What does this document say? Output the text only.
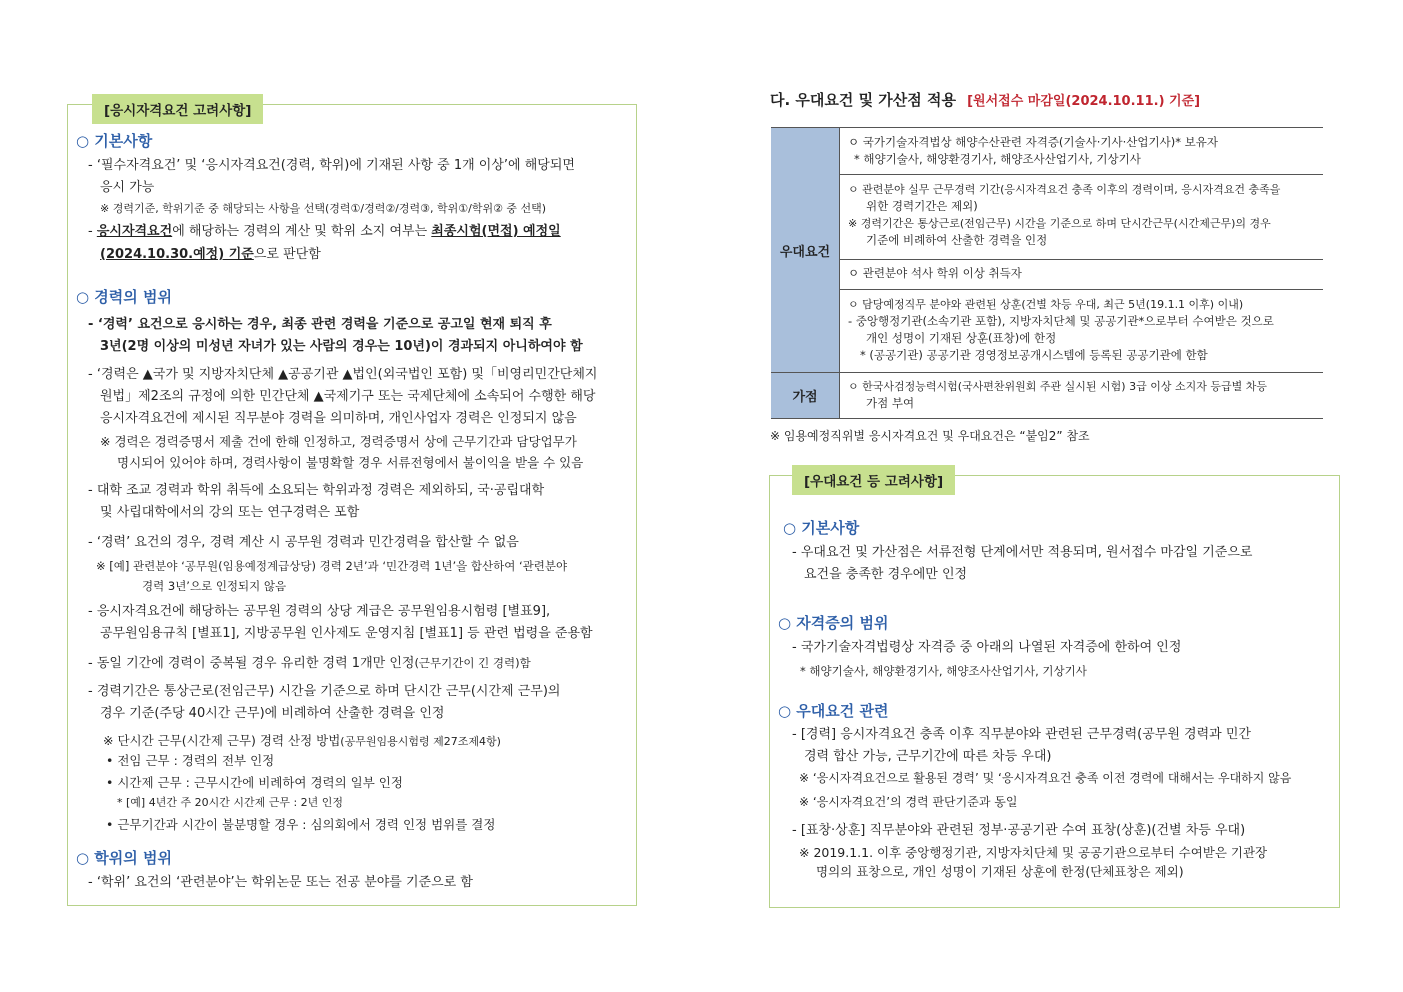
[응시자격요건 고려사항]
○ 기본사항
- ‘필수자격요건’ 및 ‘응시자격요건(경력, 학위)에 기재된 사항 중 1개 이상’에 해당되면
응시 가능
※ 경력기준, 학위기준 중 해당되는 사항을 선택(경력①/경력②/경력③, 학위①/학위② 중 선택)
- 응시자격요건에 해당하는 경력의 계산 및 학위 소지 여부는 최종시험(면접) 예정일
(2024.10.30.예정) 기준으로 판단함
○ 경력의 범위
- ‘경력’ 요건으로 응시하는 경우, 최종 관련 경력을 기준으로 공고일 현재 퇴직 후
3년(2명 이상의 미성년 자녀가 있는 사람의 경우는 10년)이 경과되지 아니하여야 함
- ‘경력은 ▲국가 및 지방자치단체 ▲공공기관 ▲법인(외국법인 포함) 및「비영리민간단체지
원법」제2조의 규정에 의한 민간단체 ▲국제기구 또는 국제단체에 소속되어 수행한 해당
응시자격요건에 제시된 직무분야 경력을 의미하며, 개인사업자 경력은 인정되지 않음
※ 경력은 경력증명서 제출 건에 한해 인정하고, 경력증명서 상에 근무기간과 담당업무가
명시되어 있어야 하며, 경력사항이 불명확할 경우 서류전형에서 불이익을 받을 수 있음
- 대학 조교 경력과 학위 취득에 소요되는 학위과정 경력은 제외하되, 국·공립대학
및 사립대학에서의 강의 또는 연구경력은 포함
- ‘경력’ 요건의 경우, 경력 계산 시 공무원 경력과 민간경력을 합산할 수 없음
※ [예] 관련분야 ‘공무원(임용예정계급상당) 경력 2년’과 ‘민간경력 1년’을 합산하여 ‘관련분야
경력 3년’으로 인정되지 않음
- 응시자격요건에 해당하는 공무원 경력의 상당 계급은 공무원임용시험령 [별표9],
공무원임용규칙 [별표1], 지방공무원 인사제도 운영지침 [별표1] 등 관련 법령을 준용함
- 동일 기간에 경력이 중복될 경우 유리한 경력 1개만 인정(근무기간이 긴 경력)함
- 경력기간은 통상근로(전임근무) 시간을 기준으로 하며 단시간 근무(시간제 근무)의
경우 기준(주당 40시간 근무)에 비례하여 산출한 경력을 인정
※ 단시간 근무(시간제 근무) 경력 산정 방법(공무원임용시험령 제27조제4항)
• 전임 근무 : 경력의 전부 인정
• 시간제 근무 : 근무시간에 비례하여 경력의 일부 인정
* [예] 4년간 주 20시간 시간제 근무 : 2년 인정
• 근무기간과 시간이 불분명할 경우 : 심의회에서 경력 인정 범위를 결정
○ 학위의 범위
- ‘학위’ 요건의 ‘관련분야’는 학위논문 또는 전공 분야를 기준으로 함
다. 우대요건 및 가산점 적용 [원서접수 마감일(2024.10.11.) 기준]
우대요건	ㅇ 국가기술자격법상 해양수산관련 자격증(기술사·기사·산업기사)* 보유자
* 해양기술사, 해양환경기사, 해양조사산업기사, 기상기사

	ㅇ 관련분야 실무 근무경력 기간(응시자격요건 충족 이후의 경력이며, 응시자격요건 충족을
위한 경력기간은 제외)
※ 경력기간은 통상근로(전임근무) 시간을 기준으로 하며 단시간근무(시간제근무)의 경우
기준에 비례하여 산출한 경력을 인정

	ㅇ 관련분야 석사 학위 이상 취득자

	ㅇ 담당예정직무 분야와 관련된 상훈(건별 차등 우대, 최근 5년(19.1.1 이후) 이내)
- 중앙행정기관(소속기관 포함), 지방자치단체 및 공공기관*으로부터 수여받은 것으로
개인 성명이 기재된 상훈(표창)에 한정
* (공공기관) 공공기관 경영정보공개시스템에 등록된 공공기관에 한함

가점	ㅇ 한국사검정능력시험(국사편찬위원회 주관 실시된 시험) 3급 이상 소지자 등급별 차등
가점 부여
※ 임용예정직위별 응시자격요건 및 우대요건은 “붙임2” 참조
[우대요건 등 고려사항]
○ 기본사항
- 우대요건 및 가산점은 서류전형 단계에서만 적용되며, 원서접수 마감일 기준으로
요건을 충족한 경우에만 인정
○ 자격증의 범위
- 국가기술자격법령상 자격증 중 아래의 나열된 자격증에 한하여 인정
* 해양기술사, 해양환경기사, 해양조사산업기사, 기상기사
○ 우대요건 관련
- [경력] 응시자격요건 충족 이후 직무분야와 관련된 근무경력(공무원 경력과 민간
경력 합산 가능, 근무기간에 따른 차등 우대)
※ ‘응시자격요건으로 활용된 경력’ 및 ‘응시자격요건 충족 이전 경력에 대해서는 우대하지 않음
※ ‘응시자격요건’의 경력 판단기준과 동일
- [표창·상훈] 직무분야와 관련된 정부·공공기관 수여 표창(상훈)(건별 차등 우대)
※ 2019.1.1. 이후 중앙행정기관, 지방자치단체 및 공공기관으로부터 수여받은 기관장
명의의 표창으로, 개인 성명이 기재된 상훈에 한정(단체표창은 제외)
